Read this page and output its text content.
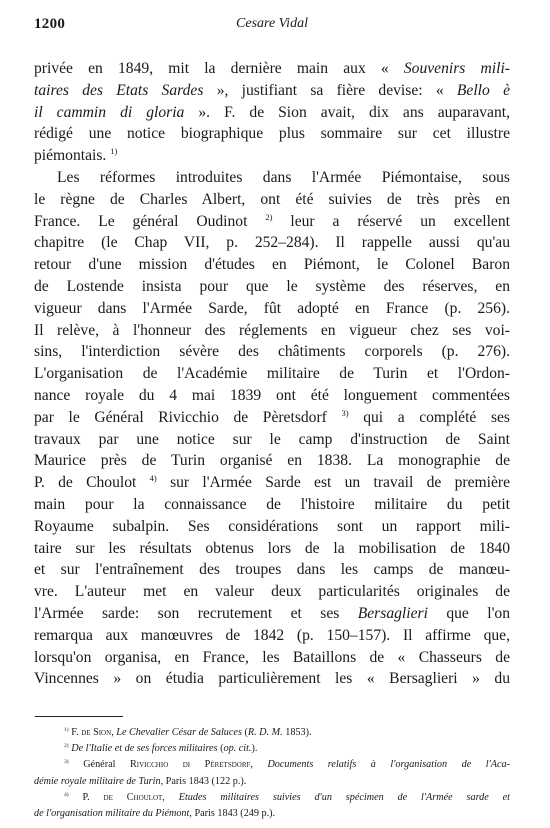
1200	Cesare Vidal
privée en 1849, mit la dernière main aux « Souvenirs mili-
taires des Etats Sardes », justifiant sa fière devise: « Bello è
il cammin di gloria ». F. de Sion avait, dix ans auparavant,
rédigé une notice biographique plus sommaire sur cet illustre
piémontais. $^{1)}$
Les réformes introduites dans l'Armée Piémontaise, sous
le règne de Charles Albert, ont été suivies de très près en
France. Le général Oudinot $^{2)}$ leur a réservé un excellent
chapitre (le Chap VII, p. 252–284). Il rappelle aussi qu'au
retour d'une mission d'études en Piémont, le Colonel Baron
de Lostende insista pour que le système des réserves, en
vigueur dans l'Armée Sarde, fût adopté en France (p. 256).
Il relève, à l'honneur des réglements en vigueur chez ses voi-
sins, l'interdiction sévère des châtiments corporels (p. 276).
L'organisation de l'Académie militaire de Turin et l'Ordon-
nance royale du 4 mai 1839 ont été longuement commentées
par le Général Rivicchio de Pèretsdorf $^{3)}$ qui a complété ses
travaux par une notice sur le camp d'instruction de Saint
Maurice près de Turin organisé en 1838. La monographie de
P. de Choulot $^{4)}$ sur l'Armée Sarde est un travail de première
main pour la connaissance de l'histoire militaire du petit
Royaume subalpin. Ses considérations sont un rapport mili-
taire sur les résultats obtenus lors de la mobilisation de 1840
et sur l'entraînement des troupes dans les camps de manœu-
vre. L'auteur met en valeur deux particularités originales de
l'Armée sarde: son recrutement et ses Bersaglieri que l'on
remarqua aux manœuvres de 1842 (p. 150–157). Il affirme que,
lorsqu'on organisa, en France, les Bataillons de « Chasseurs de
Vincennes » on étudia particulièrement les « Bersaglieri » du
$^{1)}$ F. de Sion, Le Chevalier César de Saluces (R. D. M. 1853).
$^{2)}$ De l'Italie et de ses forces militaires (op. cit.).
$^{3)}$ Général Rivicchio di Pèretsdorf, Documents relatifs à l'organisation de l'Aca-
démie royale militaire de Turin, Paris 1843 (122 p.).
$^{4)}$ P. de Choulot, Etudes militaires suivies d'un spécimen de l'Armée sarde et
de l'organisation militaire du Piémont, Paris 1843 (249 p.).
